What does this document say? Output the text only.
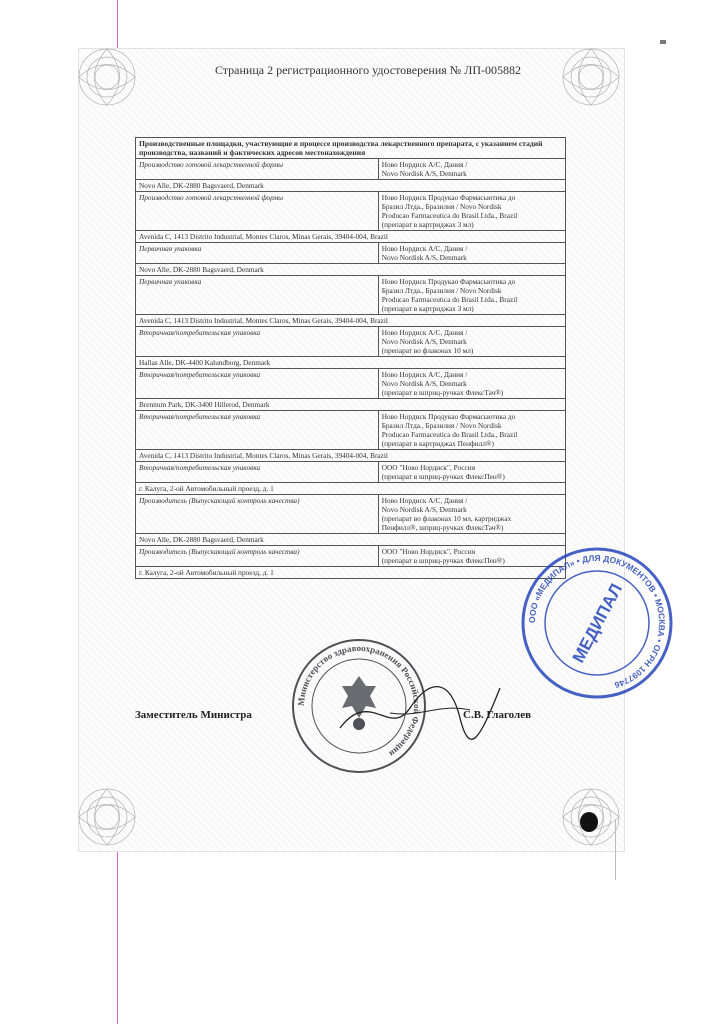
Страница 2 регистрационного удостоверения № ЛП-005882
Производственные площадки, участвующие в процессе производства лекарственного препарата, с указанием стадий производства, названий и фактических адресов местонахождения	
Производство готовой лекарственной формы	Ново Нордиск А/С, Дания /
Novo Nordisk A/S, Denmark

Novo Alle, DK-2880 Bagsvaerd, Denmark	
Производство готовой лекарственной формы	Ново Нордиск Продукао Фармасьютика до
Бразил Лтда., Бразилия / Novo Nordisk
Producao Farmaceutica do Brasil Ltda., Brazil
(препарат в картриджах 3 мл)

Avenida C, 1413 Distrito Industrial, Montes Claros, Minas Gerais, 39404-004, Brazil	
Первичная упаковка	Ново Нордиск А/С, Дания /
Novo Nordisk A/S, Denmark

Novo Alle, DK-2880 Bagsvaerd, Denmark	
Первичная упаковка	Ново Нордиск Продукао Фармасьютика до
Бразил Лтда., Бразилия / Novo Nordisk
Producao Farmaceutica do Brasil Ltda., Brazil
(препарат в картриджах 3 мл)

Avenida C, 1413 Distrito Industrial, Montes Claros, Minas Gerais, 39404-004, Brazil	
Вторичная/потребительская упаковка	Ново Нордиск А/С, Дания /
Novo Nordisk A/S, Denmark
(препарат во флаконах 10 мл)

Hallas Alle, DK-4400 Kalundborg, Denmark	
Вторичная/потребительская упаковка	Ново Нордиск А/С, Дания /
Novo Nordisk A/S, Denmark
(препарат в шприц-ручках ФлексТач®)

Brennum Park, DK-3400 Hillerod, Denmark	
Вторичная/потребительская упаковка	Ново Нордиск Продукао Фармасьютика до
Бразил Лтда., Бразилия / Novo Nordisk
Producao Farmaceutica do Brasil Ltda., Brazil
(препарат в картриджах Пенфилл®)

Avenida C, 1413 Distrito Industrial, Montes Claros, Minas Gerais, 39404-004, Brazil	
Вторичная/потребительская упаковка	ООО "Ново Нордиск", Россия
(препарат в шприц-ручках ФлексПен®)

г. Калуга, 2-ой Автомобильный проезд, д. 1	
Производитель (Выпускающий контроль качества)	Ново Нордиск А/С, Дания /
Novo Nordisk A/S, Denmark
(препарат во флаконах 10 мл, картриджах
Пенфилл®, шприц-ручках ФлексТач®)

Novo Alle, DK-2880 Bagsvaerd, Denmark	
Производитель (Выпускающий контроль качества)	ООО "Ново Нордиск", Россия
(препарат в шприц-ручках ФлексПен®)

г. Калуга, 2-ой Автомобильный проезд, д. 1	
Заместитель Министра	С.В. Глаголев
Министерство здравоохранения Российской Федерации
ООО «МЕДИПАЛ» • ДЛЯ ДОКУМЕНТОВ • МОСКВА • ОГРН 1097746
МЕДИПАЛ
